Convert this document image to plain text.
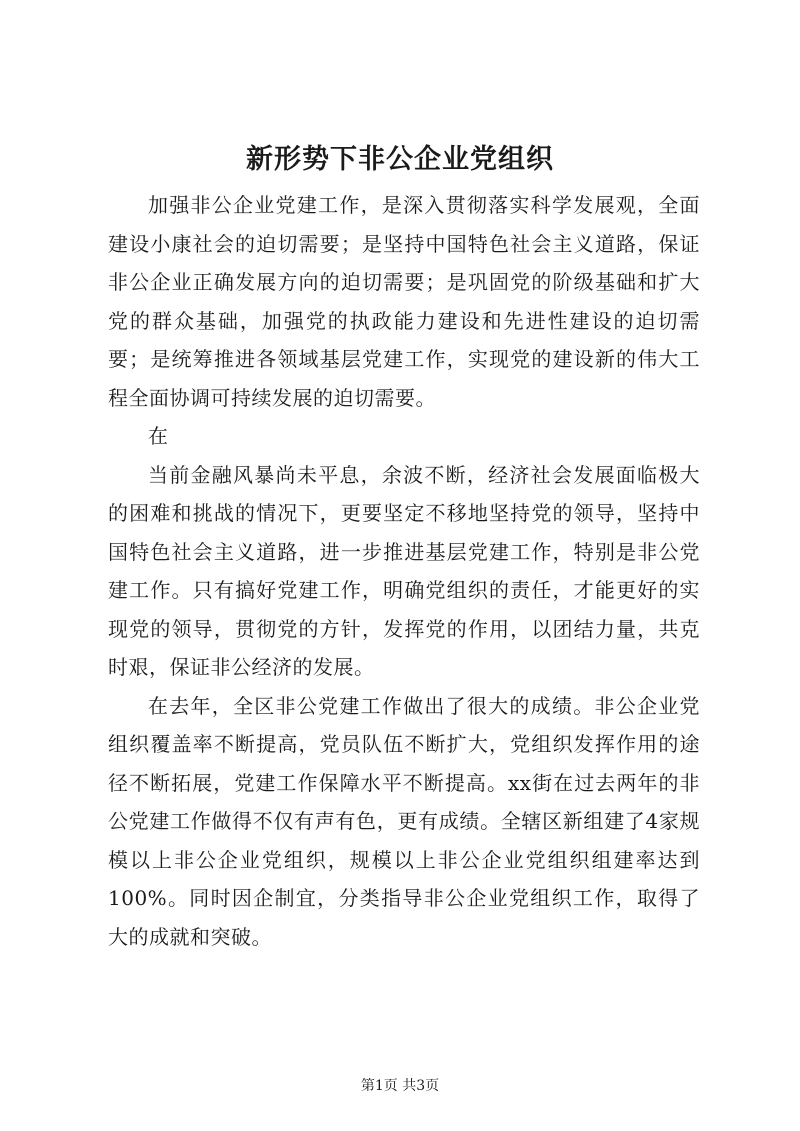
新形势下非公企业党组织

加强非公企业党建工作，是深入贯彻落实科学发展观，全面建设小康社会的迫切需要；是坚持中国特色社会主义道路，保证非公企业正确发展方向的迫切需要；是巩固党的阶级基础和扩大党的群众基础，加强党的执政能力建设和先进性建设的迫切需要；是统筹推进各领域基层党建工作，实现党的建设新的伟大工程全面协调可持续发展的迫切需要。

在

当前金融风暴尚未平息，余波不断，经济社会发展面临极大的困难和挑战的情况下，更要坚定不移地坚持党的领导，坚持中国特色社会主义道路，进一步推进基层党建工作，特别是非公党建工作。只有搞好党建工作，明确党组织的责任，才能更好的实现党的领导，贯彻党的方针，发挥党的作用，以团结力量，共克时艰，保证非公经济的发展。

在去年，全区非公党建工作做出了很大的成绩。非公企业党组织覆盖率不断提高，党员队伍不断扩大，党组织发挥作用的途径不断拓展，党建工作保障水平不断提高。xx街在过去两年的非公党建工作做得不仅有声有色，更有成绩。全辖区新组建了4家规模以上非公企业党组织，规模以上非公企业党组织组建率达到100%。同时因企制宜，分类指导非公企业党组织工作，取得了大的成就和突破。

第1页 共3页
